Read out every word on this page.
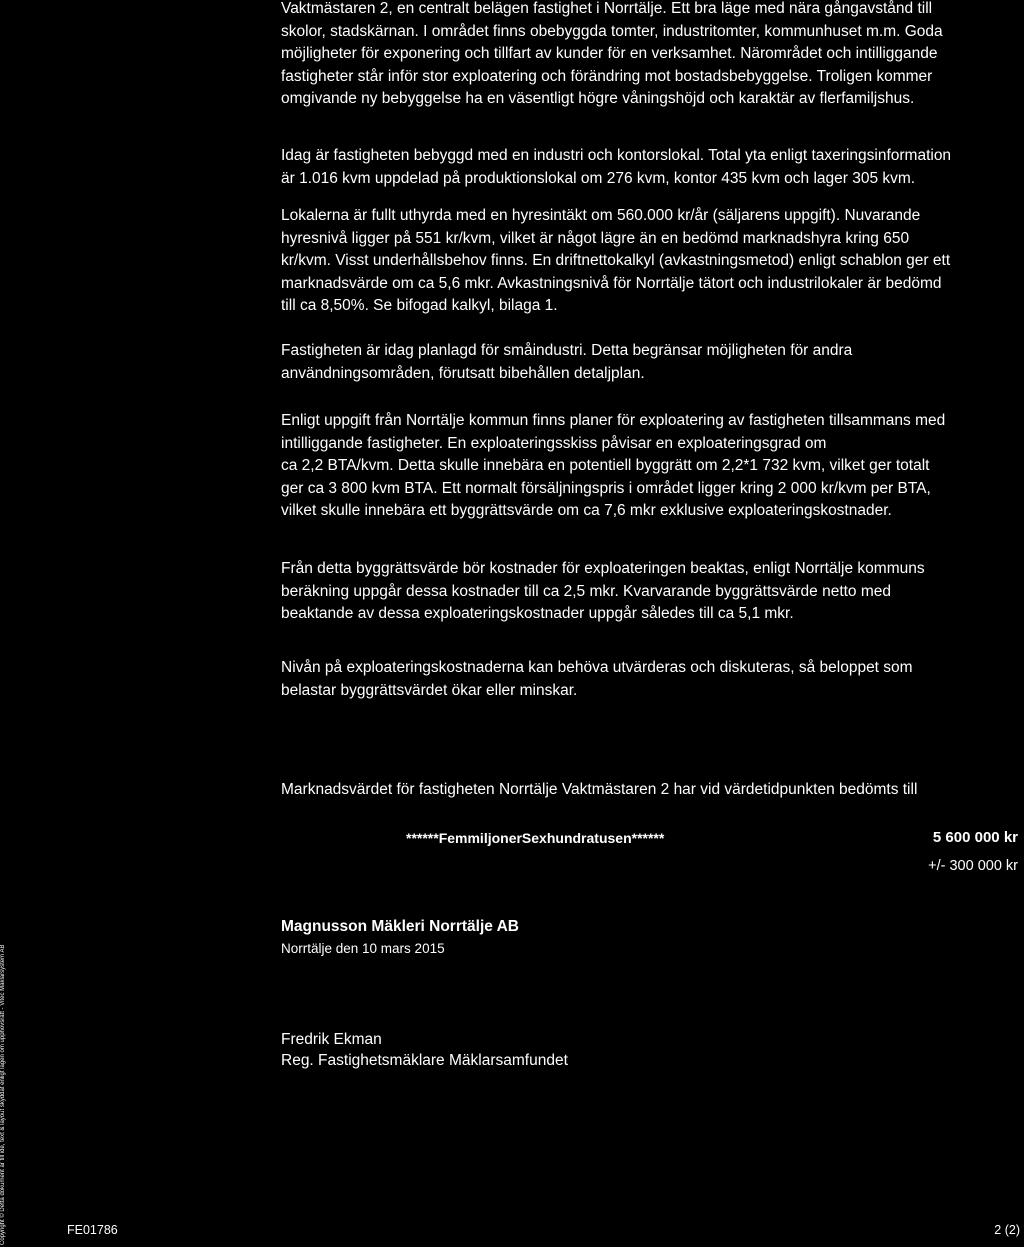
Vaktmästaren 2, en centralt belägen fastighet i Norrtälje. Ett bra läge med nära gångavstånd till
skolor, stadskärnan. I området finns obebyggda tomter, industritomter, kommunhuset m.m. Goda
möjligheter för exponering och tillfart av kunder för en verksamhet. Närområdet och intilliggande
fastigheter står inför stor exploatering och förändring mot bostadsbebyggelse. Troligen kommer
omgivande ny bebyggelse ha en väsentligt högre våningshöjd och karaktär av flerfamiljshus.
Idag är fastigheten bebyggd med en industri och kontorslokal. Total yta enligt taxeringsinformation
är 1.016 kvm uppdelad på produktionslokal om 276 kvm, kontor 435 kvm och lager 305 kvm.
Lokalerna är fullt uthyrda med en hyresintäkt om 560.000 kr/år (säljarens uppgift). Nuvarande
hyresnivå ligger på 551 kr/kvm, vilket är något lägre än en bedömd marknadshyra kring 650
kr/kvm. Visst underhållsbehov finns. En driftnettokalkyl (avkastningsmetod) enligt schablon ger ett
marknadsvärde om ca 5,6 mkr. Avkastningsnivå för Norrtälje tätort och industrilokaler är bedömd
till ca 8,50%. Se bifogad kalkyl, bilaga 1.
Fastigheten är idag planlagd för småindustri. Detta begränsar möjligheten för andra
användningsområden, förutsatt bibehållen detaljplan.
Enligt uppgift från Norrtälje kommun finns planer för exploatering av fastigheten tillsammans med
intilliggande fastigheter. En exploateringsskiss påvisar en exploateringsgrad om
ca 2,2 BTA/kvm. Detta skulle innebära en potentiell byggrätt om 2,2*1 732 kvm, vilket ger totalt
ger ca 3 800 kvm BTA. Ett normalt försäljningspris i området ligger kring 2 000 kr/kvm per BTA,
vilket skulle innebära ett byggrättsvärde om ca 7,6 mkr exklusive exploateringskostnader.
Från detta byggrättsvärde bör kostnader för exploateringen beaktas, enligt Norrtälje kommuns
beräkning uppgår dessa kostnader till ca 2,5 mkr. Kvarvarande byggrättsvärde netto med
beaktande av dessa exploateringskostnader uppgår således till ca 5,1 mkr.
Nivån på exploateringskostnaderna kan behöva utvärderas och diskuteras, så beloppet som
belastar byggrättsvärdet ökar eller minskar.
Marknadsvärdet för fastigheten Norrtälje Vaktmästaren 2 har vid värdetidpunkten bedömts till
******FemmiljonerSexhundratusen******	5 600 000 kr
+/- 300 000 kr
Magnusson Mäkleri Norrtälje AB
Norrtälje den 10 mars 2015
Fredrik Ekman
Reg. Fastighetsmäklare Mäklarsamfundet
FE01786	2 (2)
Copyright © Detta dokument är till idé, text & layout skyddat enligt lagen om upphovsrätt - Vitec Mäklarsystem AB
